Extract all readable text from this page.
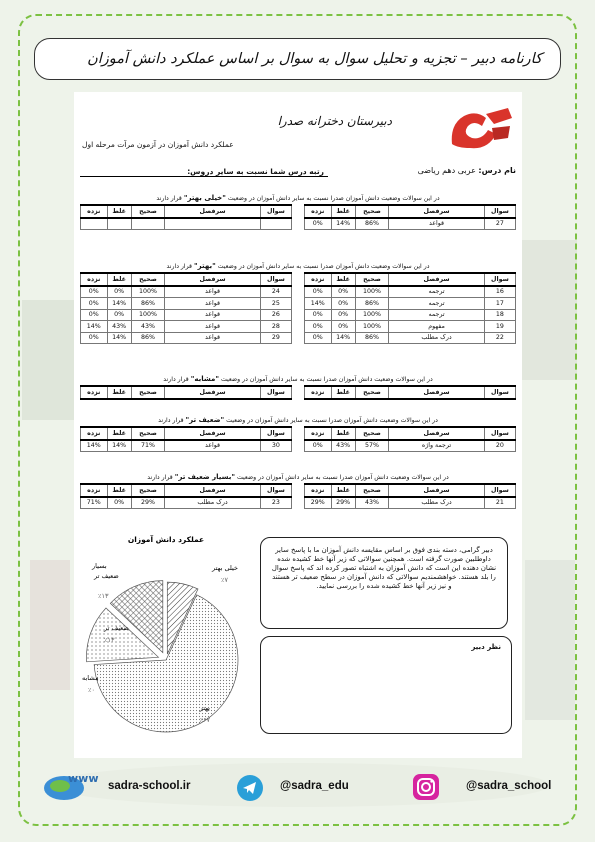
کارنامه دبیر – تجزیه و تحلیل سوال به سوال بر اساس عملکرد دانش آموزان
دبیرستان دخترانه صدرا
عملکرد دانش آموزان در آزمون مرآت مرحله اول
رتبه درس شما نسبت به سایر دروس:	نام درس: عربی دهم ریاضی
در این سوالات وضعیت دانش آموزان صدرا نسبت به سایر دانش آموزان در وضعیت "خیلی بهتر" قرار دارند
سوال	سرفصل	صحیح	غلط	نزده
27	قواعد	86%	14%	0%
سوال	سرفصل	صحیح	غلط	نزده

در این سوالات وضعیت دانش آموزان صدرا نسبت به سایر دانش آموزان در وضعیت "بهتر" قرار دارند
سوال	سرفصل	صحیح	غلط	نزده
16	ترجمه	100%	0%	0%
17	ترجمه	86%	0%	14%
18	ترجمه	100%	0%	0%
19	مفهوم	100%	0%	0%
22	درک مطلب	86%	14%	0%
سوال	سرفصل	صحیح	غلط	نزده
24	قواعد	100%	0%	0%
25	قواعد	86%	14%	0%
26	قواعد	100%	0%	0%
28	قواعد	43%	43%	14%
29	قواعد	86%	14%	0%
در این سوالات وضعیت دانش آموزان صدرا نسبت به سایر دانش آموزان در وضعیت "مشابه" قرار دارند
سوال	سرفصل	صحیح	غلط	نزده
سوال	سرفصل	صحیح	غلط	نزده
در این سوالات وضعیت دانش آموزان صدرا نسبت به سایر دانش آموزان در وضعیت "ضعیف تر" قرار دارند
سوال	سرفصل	صحیح	غلط	نزده
20	ترجمة واژه	57%	43%	0%
سوال	سرفصل	صحیح	غلط	نزده
30	قواعد	71%	14%	14%
در این سوالات وضعیت دانش آموزان صدرا نسبت به سایر دانش آموزان در وضعیت "بسیار ضعیف تر" قرار دارند
سوال	سرفصل	صحیح	غلط	نزده
21	درک مطلب	43%	29%	29%
سوال	سرفصل	صحیح	غلط	نزده
23	درک مطلب	29%	0%	71%
عملکرد دانش آموزان
خیلی بهتر
٪۷
بهتر
٪۶۷
مشابه
٪۰
ضعیف تر
٪۱۳
بسیار
ضعیف تر
٪۱۳
دبیر گرامی، دسته بندی فوق بر اساس مقایسه دانش آموزان ما با پاسخ سایر داوطلبین صورت گرفته است. همچنین سوالاتی که زیر آنها خط کشیده شده نشان دهنده این است که دانش آموزان به اشتباه تصور کرده اند که پاسخ سوال را بلد هستند. خواهشمندیم سوالاتی که دانش آموزان در سطح ضعیف تر هستند و نیز زیر آنها خط کشیده شده را بررسی نمایید.
نظر دبیر
www
sadra-school.ir	@sadra_edu	@sadra_school
